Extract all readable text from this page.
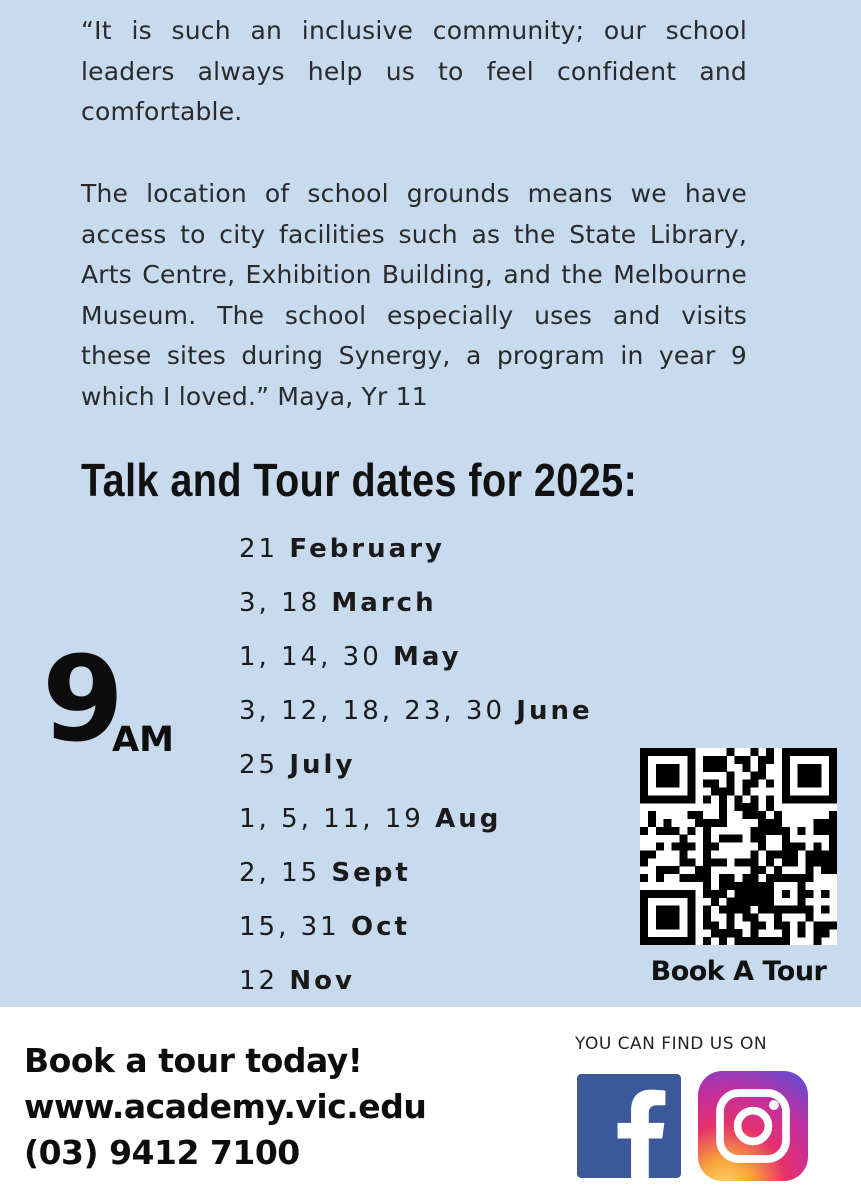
“It is such an inclusive community; our school leaders always help us to feel confident and comfortable.

The location of school grounds means we have access to city facilities such as the State Library, Arts Centre, Exhibition Building, and the Melbourne Museum. The school especially uses and visits these sites during Synergy, a program in year 9 which I loved.” Maya, Yr 11

Talk and Tour dates for 2025:
9
AM
21 February
3, 18 March
1, 14, 30 May
3, 12, 18, 23, 30 June
25 July
1, 5, 11, 19 Aug
2, 15 Sept
15, 31 Oct
12 Nov	Book A Tour
Book a tour today!
www.academy.vic.edu
(03) 9412 7100
YOU CAN FIND US ON
